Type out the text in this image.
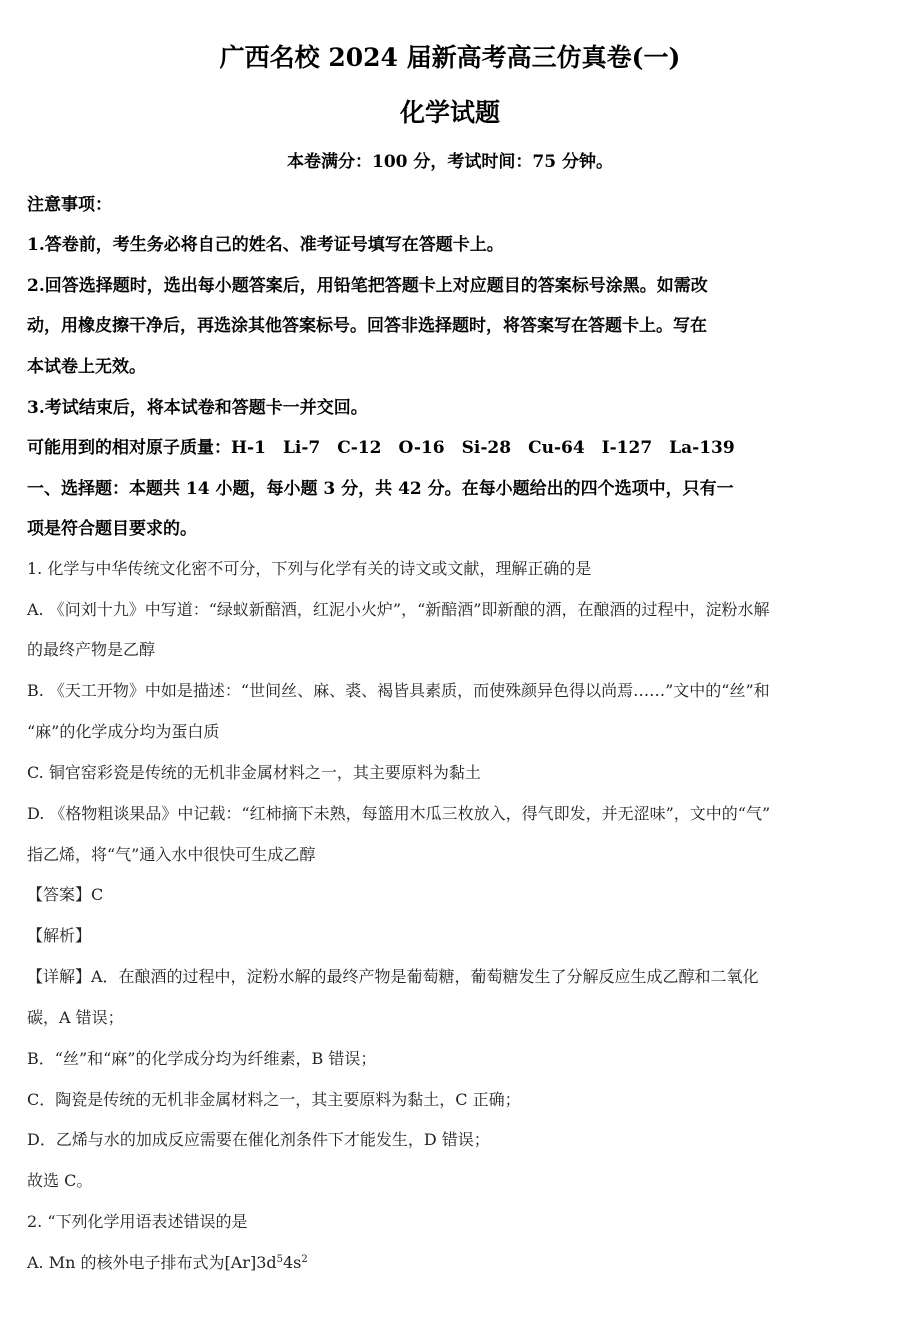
广西名校 2024 届新高考高三仿真卷(一)
化学试题
本卷满分：100 分，考试时间：75 分钟。
注意事项：
1.答卷前，考生务必将自己的姓名、准考证号填写在答题卡上。
2.回答选择题时，选出每小题答案后，用铅笔把答题卡上对应题目的答案标号涂黑。如需改
动，用橡皮擦干净后，再选涂其他答案标号。回答非选择题时，将答案写在答题卡上。写在
本试卷上无效。
3.考试结束后，将本试卷和答题卡一并交回。
可能用到的相对原子质量：H-1　Li-7　C-12　O-16　Si-28　Cu-64　I-127　La-139
一、选择题：本题共 14 小题，每小题 3 分，共 42 分。在每小题给出的四个选项中，只有一
项是符合题目要求的。
1. 化学与中华传统文化密不可分，下列与化学有关的诗文或文献，理解正确的是
A. 《问刘十九》中写道：“绿蚁新醅酒，红泥小火炉”，“新醅酒”即新酿的酒，在酿酒的过程中，淀粉水解
的最终产物是乙醇
B. 《天工开物》中如是描述：“世间丝、麻、裘、褐皆具素质，而使殊颜异色得以尚焉……”文中的“丝”和
“麻”的化学成分均为蛋白质
C. 铜官窑彩瓷是传统的无机非金属材料之一，其主要原料为黏土
D. 《格物粗谈果品》中记载：“红柿摘下未熟，每篮用木瓜三枚放入，得气即发，并无涩味”，文中的“气”
指乙烯，将“气”通入水中很快可生成乙醇
【答案】C
【解析】
【详解】A．在酿酒的过程中，淀粉水解的最终产物是葡萄糖，葡萄糖发生了分解反应生成乙醇和二氧化
碳，A 错误；
B．“丝”和“麻”的化学成分均为纤维素，B 错误；
C．陶瓷是传统的无机非金属材料之一，其主要原料为黏土，C 正确；
D．乙烯与水的加成反应需要在催化剂条件下才能发生，D 错误；
故选 C。
2. “下列化学用语表述错误的是
A. Mn 的核外电子排布式为$[Ar]3d^54s^2$
